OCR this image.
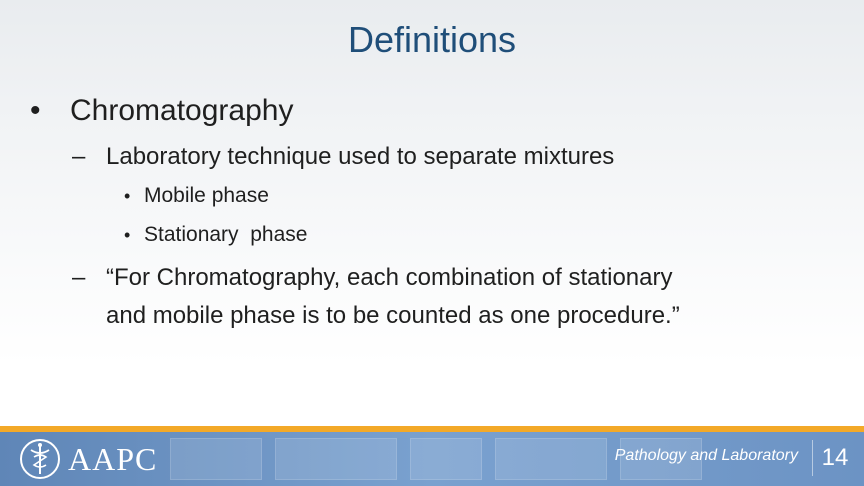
Definitions
• Chromatography
– Laboratory technique used to separate mixtures
• Mobile phase
• Stationary  phase
– “For Chromatography, each combination of stationary
and mobile phase is to be counted as one procedure.”
AAPC	Pathology and Laboratory 14
